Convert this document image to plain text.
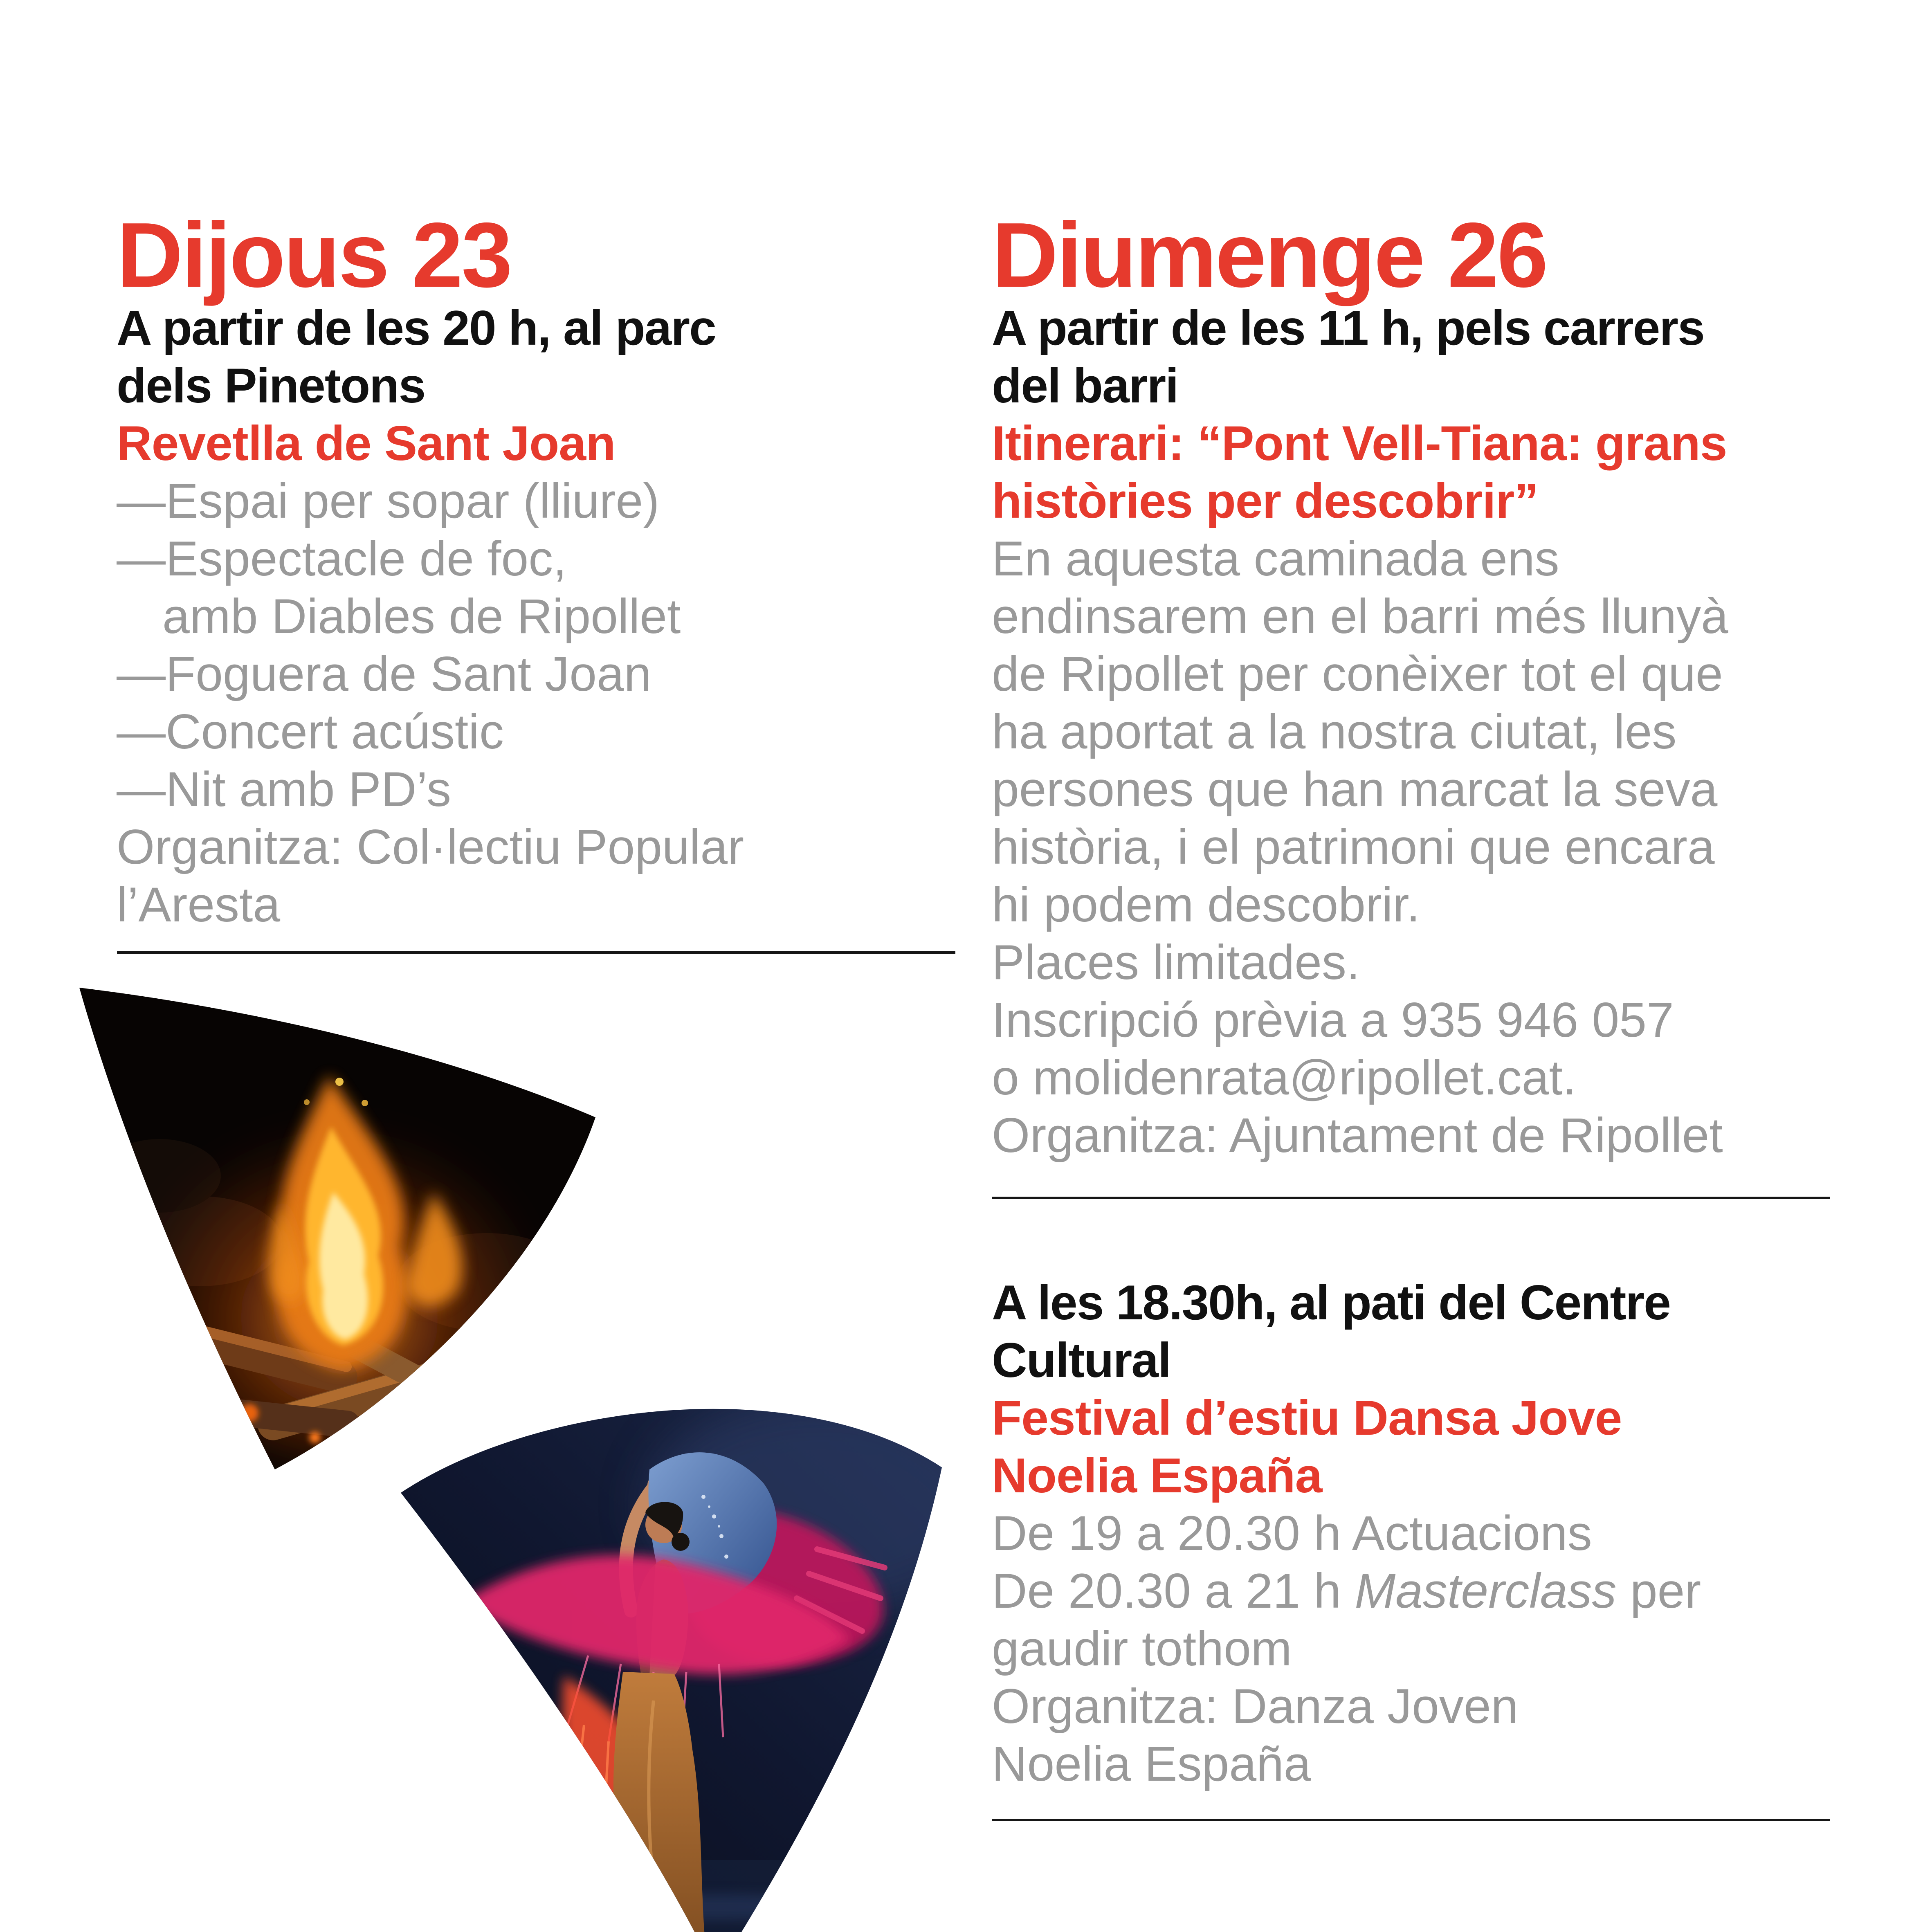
Dijous 23
A partir de les 20 h, al parc
dels Pinetons
Revetlla de Sant Joan
—Espai per sopar (lliure)
—Espectacle de foc,
amb Diables de Ripollet
—Foguera de Sant Joan
—Concert acústic
—Nit amb PD’s
Organitza: Col·lectiu Popular
l’Aresta
Diumenge 26
A partir de les 11 h, pels carrers
del barri
Itinerari: “Pont Vell-Tiana: grans
històries per descobrir”
En aquesta caminada ens
endinsarem en el barri més llunyà
de Ripollet per conèixer tot el que
ha aportat a la nostra ciutat, les
persones que han marcat la seva
història, i el patrimoni que encara
hi podem descobrir.
Places limitades.
Inscripció prèvia a 935 946 057
o molidenrata@ripollet.cat.
Organitza: Ajuntament de Ripollet
A les 18.30h, al pati del Centre
Cultural
Festival d’estiu Dansa Jove
Noelia España
De 19 a 20.30 h Actuacions
De 20.30 a 21 h Masterclass per
gaudir tothom
Organitza: Danza Joven
Noelia España
